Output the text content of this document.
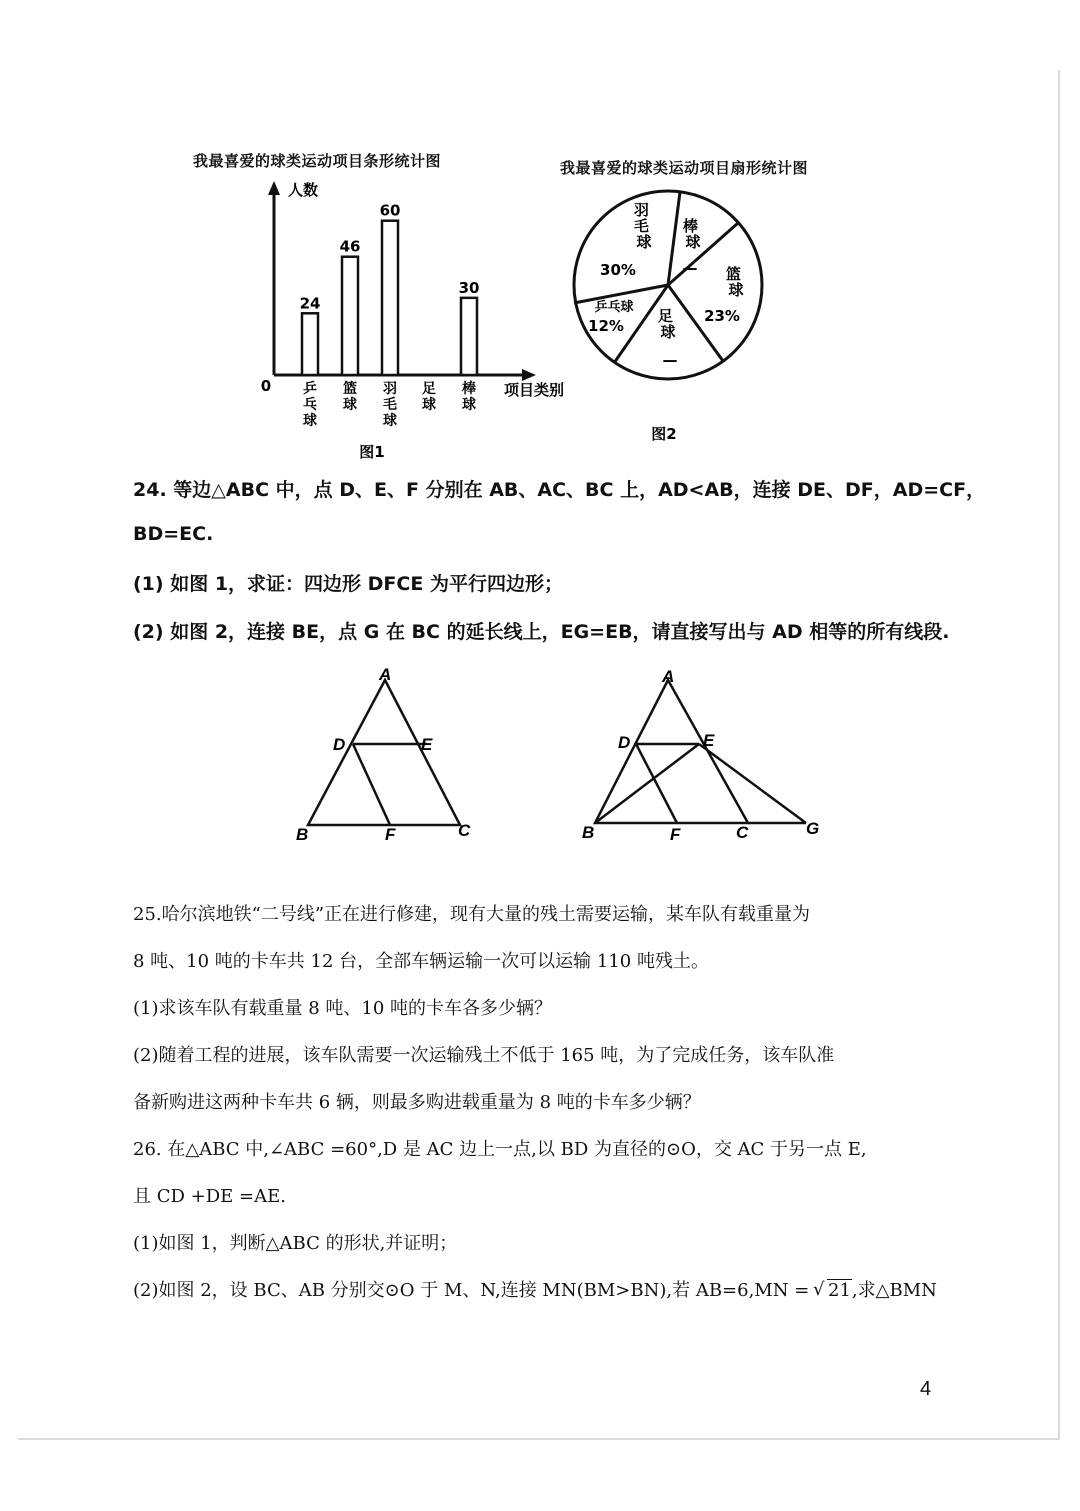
我最喜爱的球类运动项目条形统计图
人数
0	项目类别
24
46
60
30
乒乓球
篮球
羽毛球
足球
棒球
图1
我最喜爱的球类运动项目扇形统计图
羽 毛 球
30%
棒 球
— 篮 球
23%
足 球
—
乒乓球
12%
图2
24. 等边△ABC 中，点 D、E、F 分别在 AB、AC、BC 上，AD<AB，连接 DE、DF，AD=CF，
BD=EC.
(1) 如图 1，求证：四边形 DFCE 为平行四边形；
(2) 如图 2，连接 BE，点 G 在 BC 的延长线上，EG=EB，请直接写出与 AD 相等的所有线段.
A
D	E
B	F	C
A
D	E
B	F	C	G
25.哈尔滨地铁“二号线”正在进行修建，现有大量的残土需要运输，某车队有载重量为
8 吨、10 吨的卡车共 12 台，全部车辆运输一次可以运输 110 吨残土。
(1)求该车队有载重量 8 吨、10 吨的卡车各多少辆？
(2)随着工程的进展，该车队需要一次运输残土不低于 165 吨，为了完成任务，该车队准
备新购进这两种卡车共 6 辆，则最多购进载重量为 8 吨的卡车多少辆？
26. 在△ABC 中,∠ABC =60°,D 是 AC 边上一点,以 BD 为直径的⊙O，交 AC 于另一点 E,
且 CD +DE =AE.
(1)如图 1，判断△ABC 的形状,并证明；
(2)如图 2，设 BC、AB 分别交⊙O 于 M、N,连接 MN(BM>BN),若 AB=6,MN = √ 21,求△BMN
4
